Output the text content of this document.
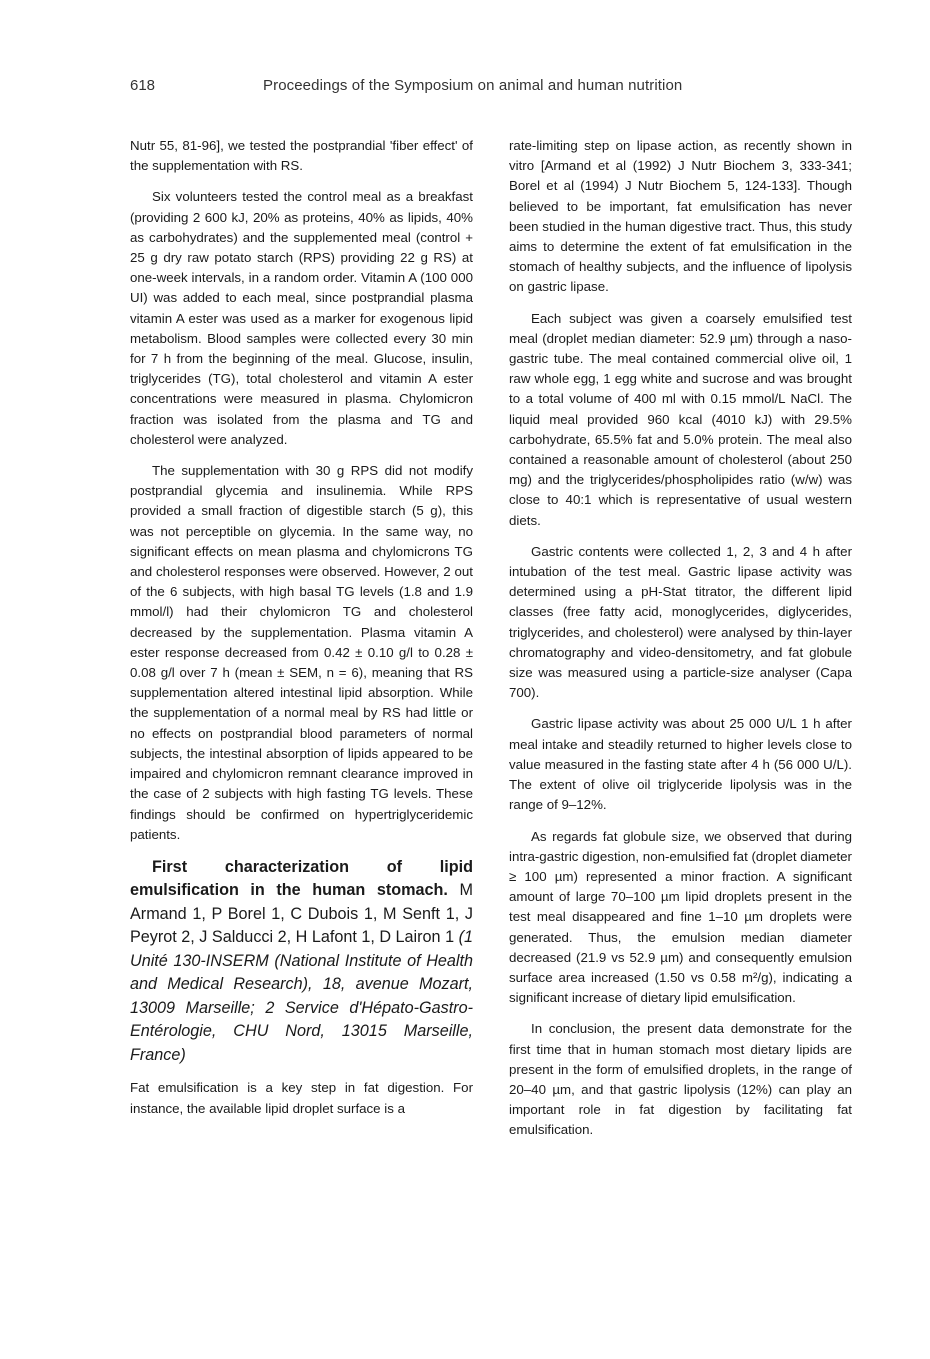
618	Proceedings of the Symposium on animal and human nutrition

Nutr 55, 81-96], we tested the postprandial 'fiber effect' of the supplementation with RS.

Six volunteers tested the control meal as a breakfast (providing 2 600 kJ, 20% as proteins, 40% as lipids, 40% as carbohydrates) and the supplemented meal (control + 25 g dry raw potato starch (RPS) providing 22 g RS) at one-week intervals, in a random order. Vitamin A (100 000 UI) was added to each meal, since postprandial plasma vitamin A ester was used as a marker for exogenous lipid metabolism. Blood samples were collected every 30 min for 7 h from the beginning of the meal. Glucose, insulin, triglycerides (TG), total cholesterol and vitamin A ester concentrations were measured in plasma. Chylomicron fraction was isolated from the plasma and TG and cholesterol were analyzed.

The supplementation with 30 g RPS did not modify postprandial glycemia and insulinemia. While RPS provided a small fraction of digestible starch (5 g), this was not perceptible on glycemia. In the same way, no significant effects on mean plasma and chylomicrons TG and cholesterol responses were observed. However, 2 out of the 6 subjects, with high basal TG levels (1.8 and 1.9 mmol/l) had their chylomicron TG and cholesterol decreased by the supplementation. Plasma vitamin A ester response decreased from 0.42 ± 0.10 g/l to 0.28 ± 0.08 g/l over 7 h (mean ± SEM, n = 6), meaning that RS supplementation altered intestinal lipid absorption. While the supplementation of a normal meal by RS had little or no effects on postprandial blood parameters of normal subjects, the intestinal absorption of lipids appeared to be impaired and chylomicron remnant clearance improved in the case of 2 subjects with high fasting TG levels. These findings should be confirmed on hypertriglyceridemic patients.

First characterization of lipid emulsification in the human stomach. M Armand 1, P Borel 1, C Dubois 1, M Senft 1, J Peyrot 2, J Salducci 2, H Lafont 1, D Lairon 1 (1 Unité 130-INSERM (National Institute of Health and Medical Research), 18, avenue Mozart, 13009 Marseille; 2 Service d'Hépato-Gastro-Entérologie, CHU Nord, 13015 Marseille, France)

Fat emulsification is a key step in fat digestion. For instance, the available lipid droplet surface is a

rate-limiting step on lipase action, as recently shown in vitro [Armand et al (1992) J Nutr Biochem 3, 333-341; Borel et al (1994) J Nutr Biochem 5, 124-133]. Though believed to be important, fat emulsification has never been studied in the human digestive tract. Thus, this study aims to determine the extent of fat emulsification in the stomach of healthy subjects, and the influence of lipolysis on gastric lipase.

Each subject was given a coarsely emulsified test meal (droplet median diameter: 52.9 µm) through a naso-gastric tube. The meal contained commercial olive oil, 1 raw whole egg, 1 egg white and sucrose and was brought to a total volume of 400 ml with 0.15 mmol/L NaCl. The liquid meal provided 960 kcal (4010 kJ) with 29.5% carbohydrate, 65.5% fat and 5.0% protein. The meal also contained a reasonable amount of cholesterol (about 250 mg) and the triglycerides/phospholipides ratio (w/w) was close to 40:1 which is representative of usual western diets.

Gastric contents were collected 1, 2, 3 and 4 h after intubation of the test meal. Gastric lipase activity was determined using a pH-Stat titrator, the different lipid classes (free fatty acid, monoglycerides, diglycerides, triglycerides, and cholesterol) were analysed by thin-layer chromatography and video-densitometry, and fat globule size was measured using a particle-size analyser (Capa 700).

Gastric lipase activity was about 25 000 U/L 1 h after meal intake and steadily returned to higher levels close to value measured in the fasting state after 4 h (56 000 U/L). The extent of olive oil triglyceride lipolysis was in the range of 9–12%.

As regards fat globule size, we observed that during intra-gastric digestion, non-emulsified fat (droplet diameter ≥ 100 µm) represented a minor fraction. A significant amount of large 70–100 µm lipid droplets present in the test meal disappeared and fine 1–10 µm droplets were generated. Thus, the emulsion median diameter decreased (21.9 vs 52.9 µm) and consequently emulsion surface area increased (1.50 vs 0.58 m²/g), indicating a significant increase of dietary lipid emulsification.

In conclusion, the present data demonstrate for the first time that in human stomach most dietary lipids are present in the form of emulsified droplets, in the range of 20–40 µm, and that gastric lipolysis (12%) can play an important role in fat digestion by facilitating fat emulsification.
